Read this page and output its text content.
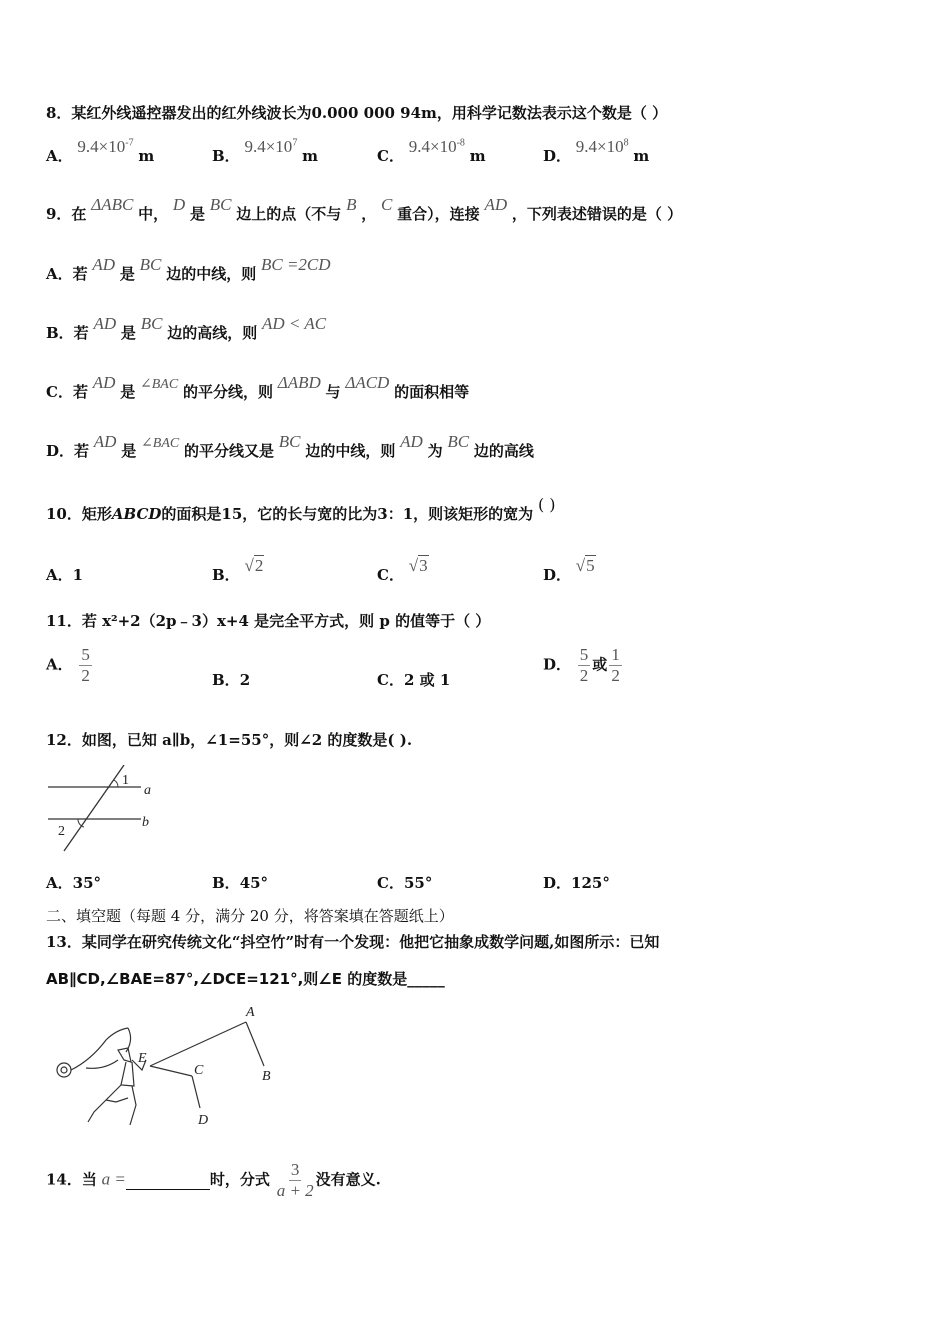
8．某红外线遥控器发出的红外线波长为0.000 000 94m，用科学记数法表示这个数是（ ）
A． $9.4\times 10^{-7}$ m	B． $9.4\times 10^7$ m	C． $9.4\times 10^{-8}$ m	D． $9.4\times 10^8$ m
9．在 ΔABC 中， D 是 BC 边上的点（不与 B ， C 重合），连接 AD ，下列表述错误的是（ ）
A．若 AD 是 BC 边的中线，则 BC =2CD
B．若 AD 是 BC 边的高线，则 AD < AC
C．若 AD 是 ∠BAC 的平分线，则 ΔABD 与 ΔACD 的面积相等
D．若 AD 是 ∠BAC 的平分线又是 BC 边的中线，则 AD 为 BC 边的高线
10．矩形ABCD的面积是15，它的长与宽的比为3：1，则该矩形的宽为 ( )
A．1	B． √2	C． √3	D． √5
11．若 x²+2（2p﹣3）x+4 是完全平方式，则 p 的值等于（ ）
A． $\frac{5}{2}$	B．2	C．2 或 1
D． $\frac{5}{2}$ 或 $\frac{1}{2}$
12．如图，已知 a∥b，∠1=55°，则∠2 的度数是( ).
1
2
a
b
A．35°	B．45°	C．55°	D．125°
二、填空题（每题 4 分，满分 20 分，将答案填在答题纸上）
13．某同学在研究传统文化“抖空竹”时有一个发现：他把它抽象成数学问题,如图所示：已知
AB∥CD,∠BAE=87°,∠DCE=121°,则∠E 的度数是_____
A
B
C
D
E
14．当 a =	时，分式 $\frac{3}{a + 2}$ 没有意义.
